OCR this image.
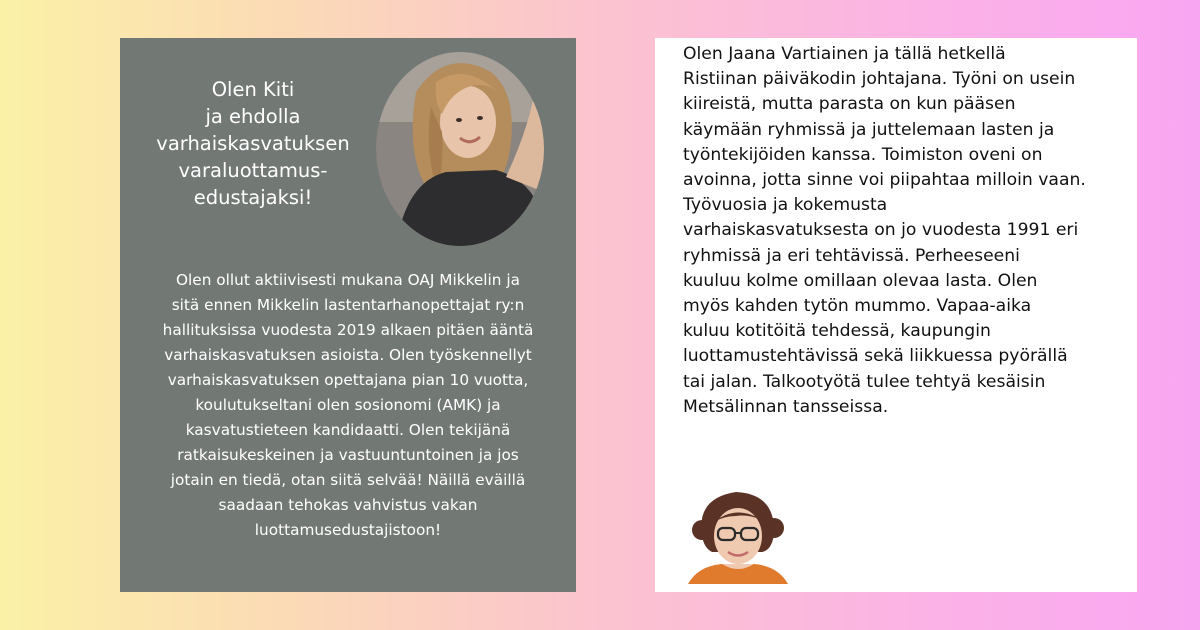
Olen Kiti
ja ehdolla
varhaiskasvatuksen
varaluottamus-
edustajaksi!
Olen ollut aktiivisesti mukana OAJ Mikkelin ja
sitä ennen Mikkelin lastentarhanopettajat ry:n
hallituksissa vuodesta 2019 alkaen pitäen ääntä
varhaiskasvatuksen asioista. Olen työskennellyt
varhaiskasvatuksen opettajana pian 10 vuotta,
koulutukseltani olen sosionomi (AMK) ja
kasvatustieteen kandidaatti. Olen tekijänä
ratkaisukeskeinen ja vastuuntuntoinen ja jos
jotain en tiedä, otan siitä selvää! Näillä eväillä
saadaan tehokas vahvistus vakan
luottamusedustajistoon!
Olen Jaana Vartiainen ja tällä hetkellä
Ristiinan päiväkodin johtajana. Työni on usein
kiireistä, mutta parasta on kun pääsen
käymään ryhmissä ja juttelemaan lasten ja
työntekijöiden kanssa. Toimiston oveni on
avoinna, jotta sinne voi piipahtaa milloin vaan.
Työvuosia ja kokemusta
varhaiskasvatuksesta on jo vuodesta 1991 eri
ryhmissä ja eri tehtävissä. Perheeseeni
kuuluu kolme omillaan olevaa lasta. Olen
myös kahden tytön mummo. Vapaa-aika
kuluu kotitöitä tehdessä, kaupungin
luottamustehtävissä sekä liikkuessa pyörällä
tai jalan. Talkootyötä tulee tehtyä kesäisin
Metsälinnan tansseissa.
